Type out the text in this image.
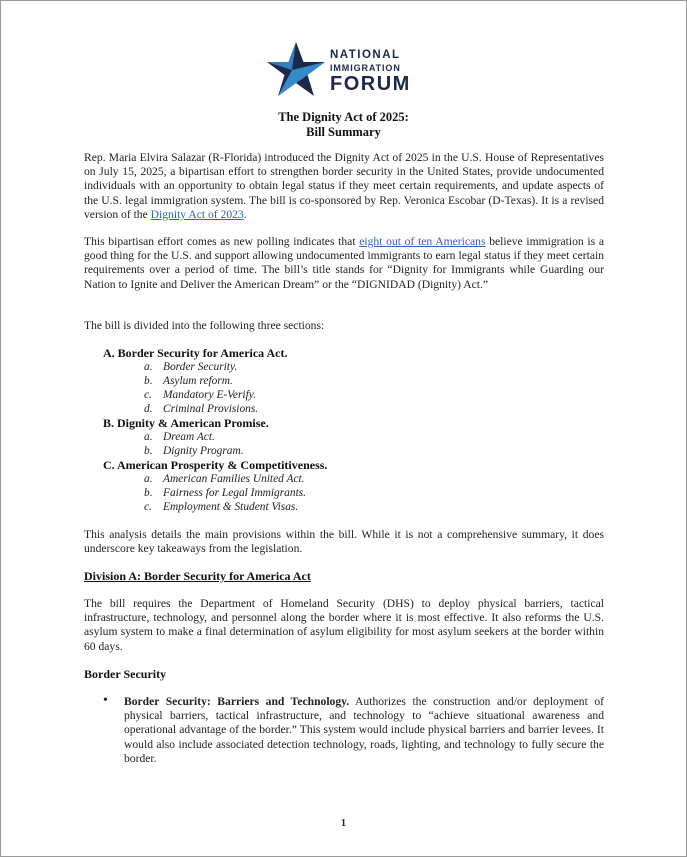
NATIONAL
IMMIGRATION
FORUM
The Dignity Act of 2025:
Bill Summary
Rep. Maria Elvira Salazar (R-Florida) introduced the Dignity Act of 2025 in the U.S. House of Representatives on July 15, 2025, a bipartisan effort to strengthen border security in the United States, provide undocumented individuals with an opportunity to obtain legal status if they meet certain requirements, and update aspects of the U.S. legal immigration system. The bill is co-sponsored by Rep. Veronica Escobar (D-Texas). It is a revised version of the Dignity Act of 2023.
This bipartisan effort comes as new polling indicates that eight out of ten Americans believe immigration is a good thing for the U.S. and support allowing undocumented immigrants to earn legal status if they meet certain requirements over a period of time. The bill’s title stands for “Dignity for Immigrants while Guarding our Nation to Ignite and Deliver the American Dream” or the “DIGNIDAD (Dignity) Act.”
The bill is divided into the following three sections:
A. Border Security for America Act.
a. Border Security.
b. Asylum reform.
c. Mandatory E-Verify.
d. Criminal Provisions.
B. Dignity & American Promise.
a. Dream Act.
b. Dignity Program.
C. American Prosperity & Competitiveness.
a. American Families United Act.
b. Fairness for Legal Immigrants.
c. Employment & Student Visas.
This analysis details the main provisions within the bill. While it is not a comprehensive summary, it does underscore key takeaways from the legislation.
Division A: Border Security for America Act
The bill requires the Department of Homeland Security (DHS) to deploy physical barriers, tactical infrastructure, technology, and personnel along the border where it is most effective. It also reforms the U.S. asylum system to make a final determination of asylum eligibility for most asylum seekers at the border within 60 days.
Border Security
• Border Security: Barriers and Technology. Authorizes the construction and/or deployment of physical barriers, tactical infrastructure, and technology to “achieve situational awareness and operational advantage of the border.” This system would include physical barriers and barrier levees. It would also include associated detection technology, roads, lighting, and technology to fully secure the border.
1
